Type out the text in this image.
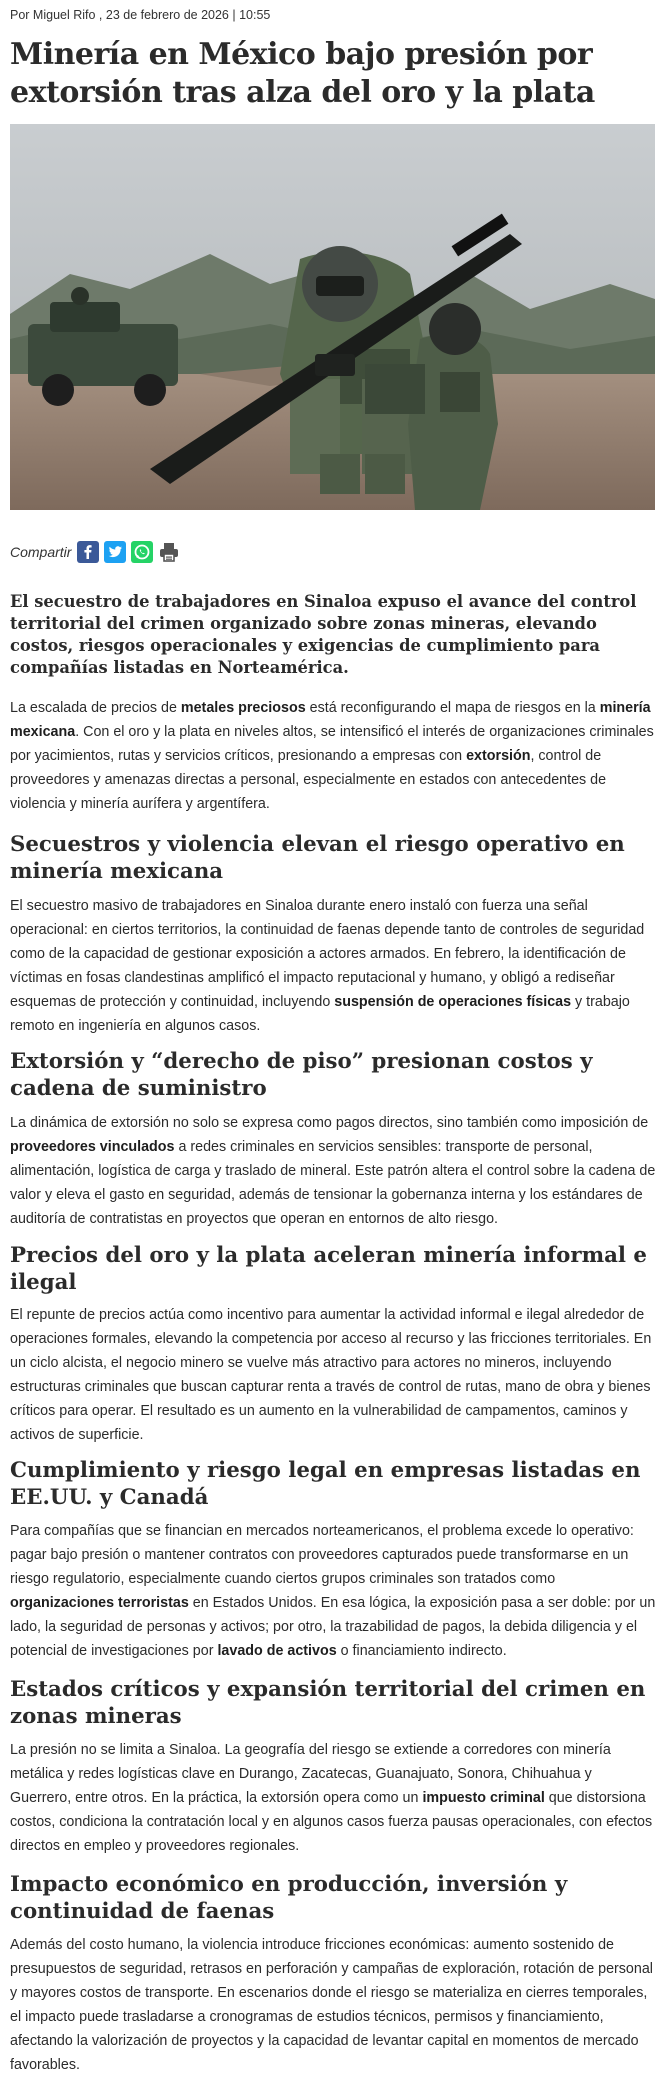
Por Miguel Rifo , 23 de febrero de 2026 | 10:55
Minería en México bajo presión por extorsión tras alza del oro y la plata
Compartir

El secuestro de trabajadores en Sinaloa expuso el avance del control territorial del crimen organizado sobre zonas mineras, elevando costos, riesgos operacionales y exigencias de cumplimiento para compañías listadas en Norteamérica.

La escalada de precios de metales preciosos está reconfigurando el mapa de riesgos en la minería mexicana. Con el oro y la plata en niveles altos, se intensificó el interés de organizaciones criminales por yacimientos, rutas y servicios críticos, presionando a empresas con extorsión, control de proveedores y amenazas directas a personal, especialmente en estados con antecedentes de violencia y minería aurífera y argentífera.

Secuestros y violencia elevan el riesgo operativo en minería mexicana

El secuestro masivo de trabajadores en Sinaloa durante enero instaló con fuerza una señal operacional: en ciertos territorios, la continuidad de faenas depende tanto de controles de seguridad como de la capacidad de gestionar exposición a actores armados. En febrero, la identificación de víctimas en fosas clandestinas amplificó el impacto reputacional y humano, y obligó a rediseñar esquemas de protección y continuidad, incluyendo suspensión de operaciones físicas y trabajo remoto en ingeniería en algunos casos.

Extorsión y “derecho de piso” presionan costos y cadena de suministro

La dinámica de extorsión no solo se expresa como pagos directos, sino también como imposición de proveedores vinculados a redes criminales en servicios sensibles: transporte de personal, alimentación, logística de carga y traslado de mineral. Este patrón altera el control sobre la cadena de valor y eleva el gasto en seguridad, además de tensionar la gobernanza interna y los estándares de auditoría de contratistas en proyectos que operan en entornos de alto riesgo.

Precios del oro y la plata aceleran minería informal e ilegal

El repunte de precios actúa como incentivo para aumentar la actividad informal e ilegal alrededor de operaciones formales, elevando la competencia por acceso al recurso y las fricciones territoriales. En un ciclo alcista, el negocio minero se vuelve más atractivo para actores no mineros, incluyendo estructuras criminales que buscan capturar renta a través de control de rutas, mano de obra y bienes críticos para operar. El resultado es un aumento en la vulnerabilidad de campamentos, caminos y activos de superficie.

Cumplimiento y riesgo legal en empresas listadas en EE.UU. y Canadá

Para compañías que se financian en mercados norteamericanos, el problema excede lo operativo: pagar bajo presión o mantener contratos con proveedores capturados puede transformarse en un riesgo regulatorio, especialmente cuando ciertos grupos criminales son tratados como organizaciones terroristas en Estados Unidos. En esa lógica, la exposición pasa a ser doble: por un lado, la seguridad de personas y activos; por otro, la trazabilidad de pagos, la debida diligencia y el potencial de investigaciones por lavado de activos o financiamiento indirecto.

Estados críticos y expansión territorial del crimen en zonas mineras

La presión no se limita a Sinaloa. La geografía del riesgo se extiende a corredores con minería metálica y redes logísticas clave en Durango, Zacatecas, Guanajuato, Sonora, Chihuahua y Guerrero, entre otros. En la práctica, la extorsión opera como un impuesto criminal que distorsiona costos, condiciona la contratación local y en algunos casos fuerza pausas operacionales, con efectos directos en empleo y proveedores regionales.

Impacto económico en producción, inversión y continuidad de faenas

Además del costo humano, la violencia introduce fricciones económicas: aumento sostenido de presupuestos de seguridad, retrasos en perforación y campañas de exploración, rotación de personal y mayores costos de transporte. En escenarios donde el riesgo se materializa en cierres temporales, el impacto puede trasladarse a cronogramas de estudios técnicos, permisos y financiamiento, afectando la valorización de proyectos y la capacidad de levantar capital en momentos de mercado favorables.
